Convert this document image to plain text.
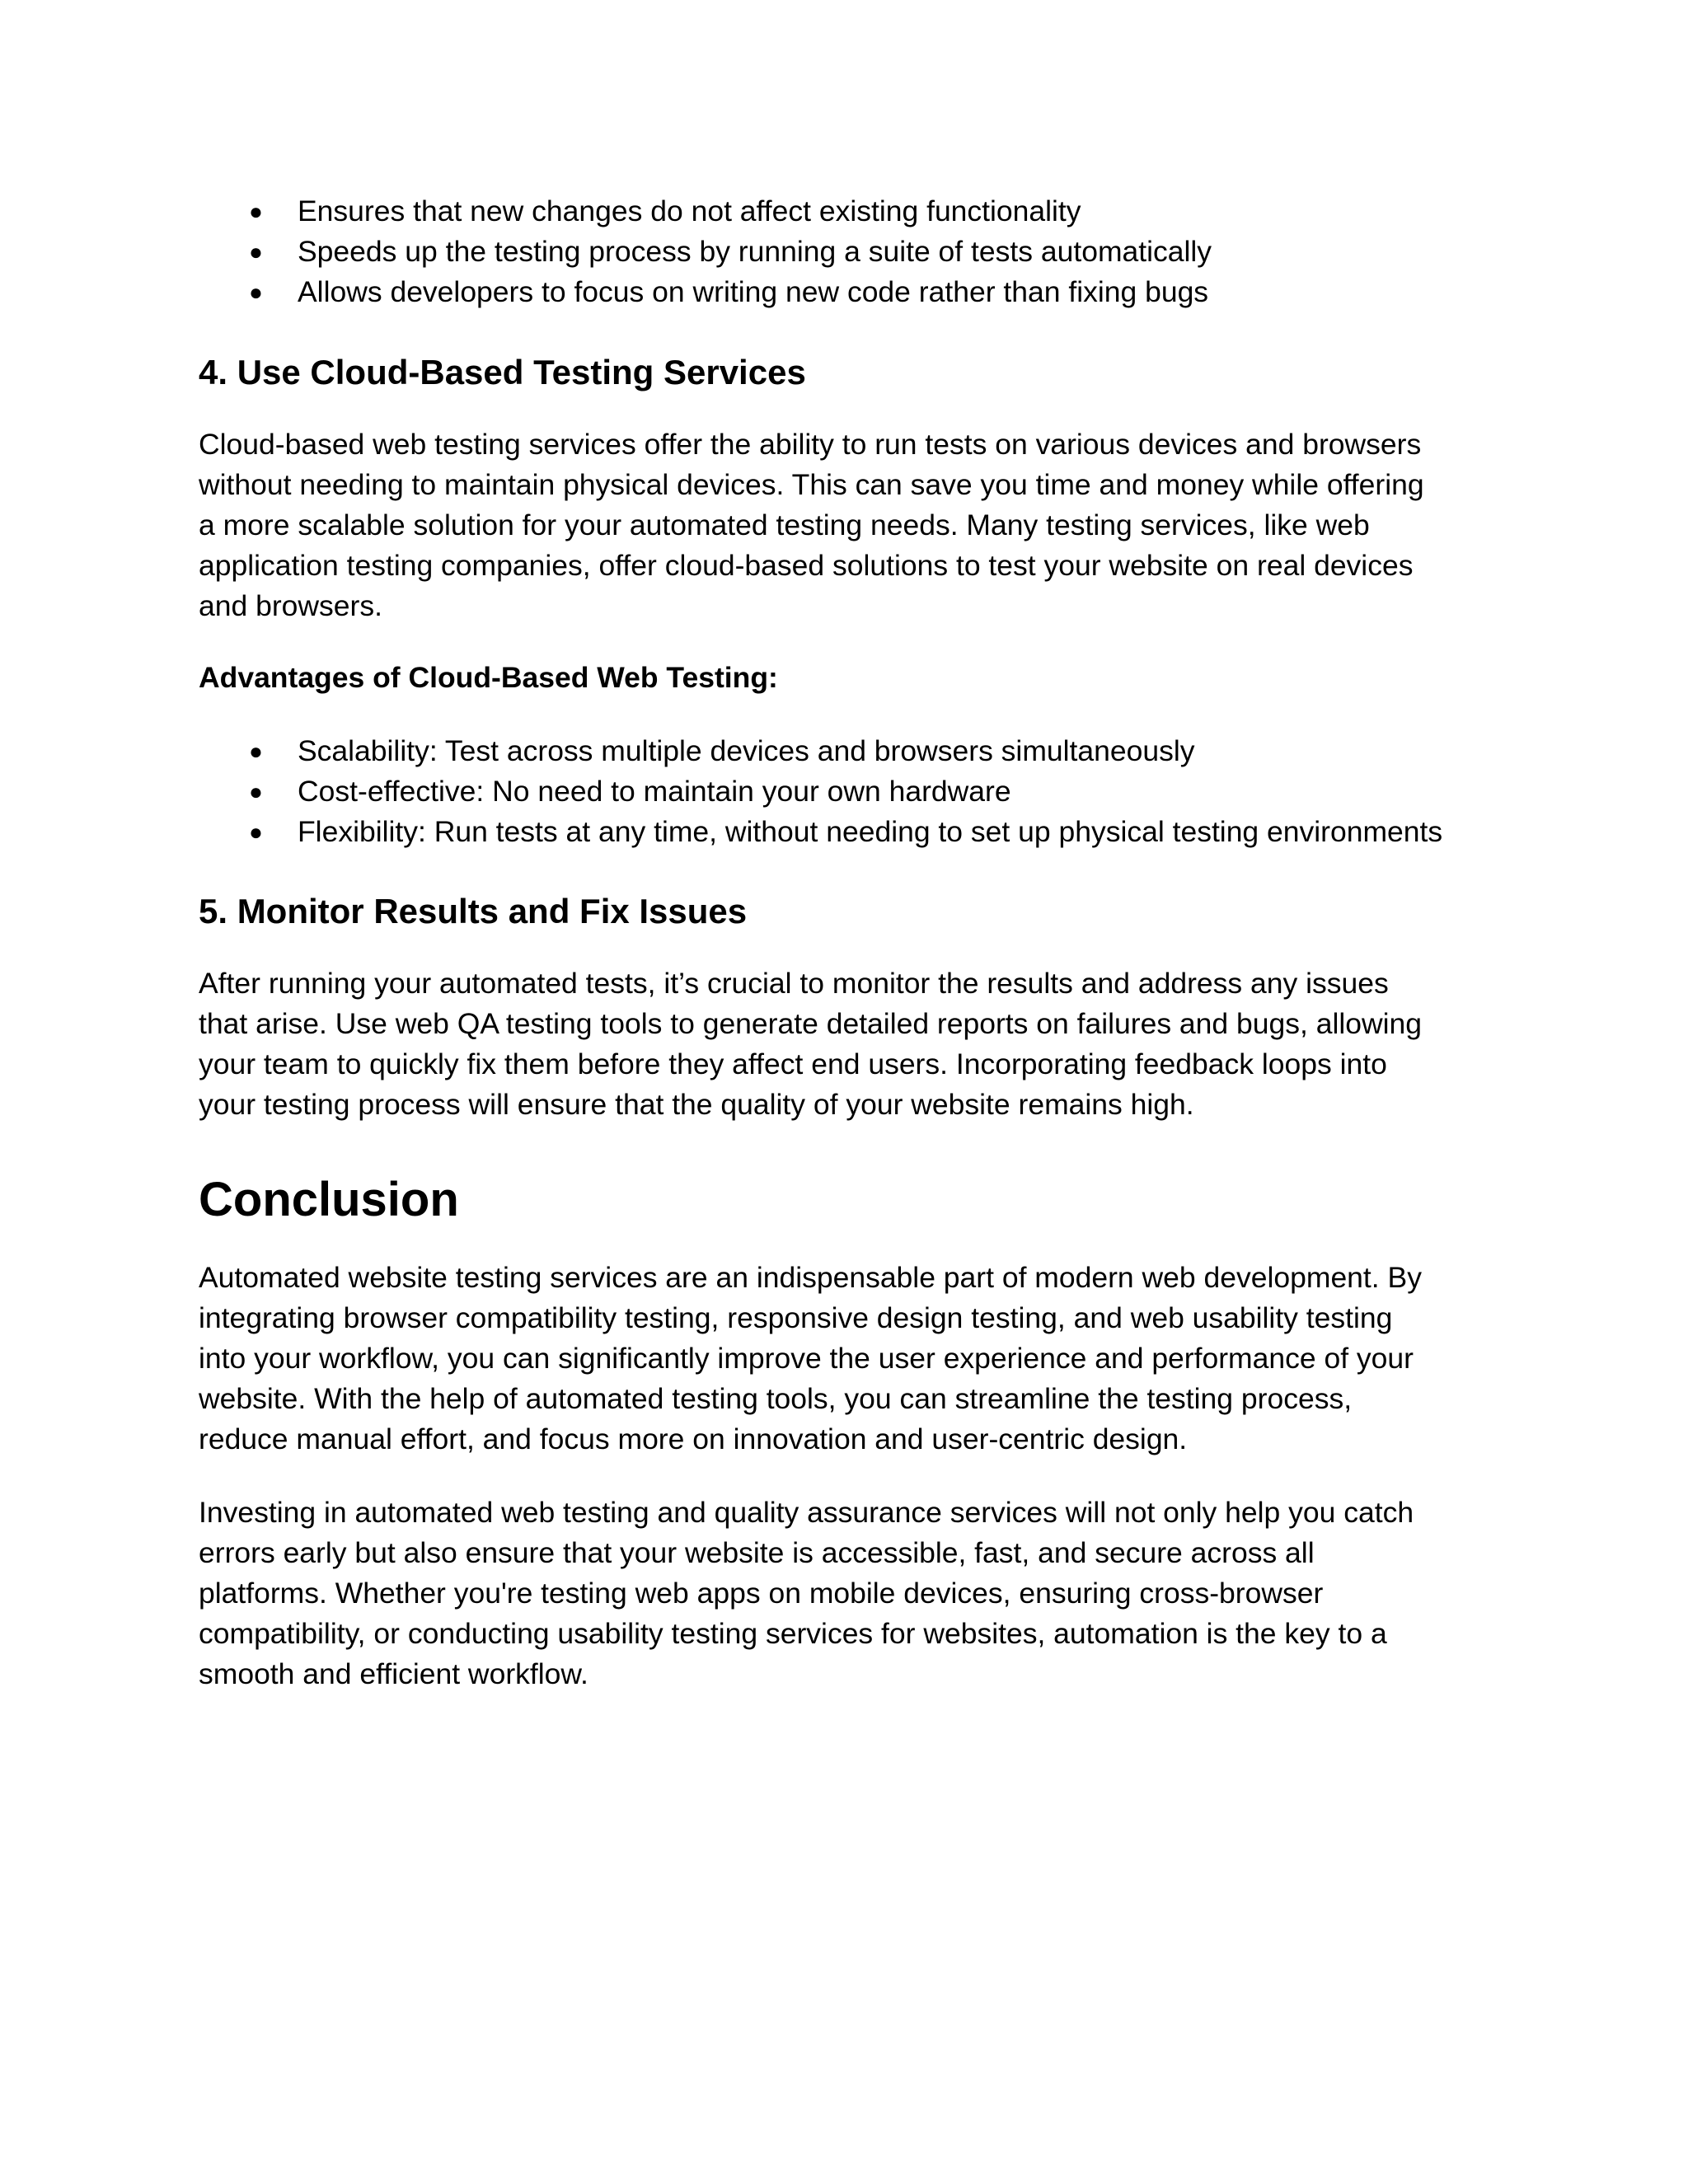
● Ensures that new changes do not affect existing functionality
● Speeds up the testing process by running a suite of tests automatically
● Allows developers to focus on writing new code rather than fixing bugs
4. Use Cloud-Based Testing Services

Cloud-based web testing services offer the ability to run tests on various devices and browsers
without needing to maintain physical devices. This can save you time and money while offering
a more scalable solution for your automated testing needs. Many testing services, like web
application testing companies, offer cloud-based solutions to test your website on real devices
and browsers.

Advantages of Cloud-Based Web Testing:

● Scalability: Test across multiple devices and browsers simultaneously
● Cost-effective: No need to maintain your own hardware
● Flexibility: Run tests at any time, without needing to set up physical testing environments
5. Monitor Results and Fix Issues

After running your automated tests, it’s crucial to monitor the results and address any issues
that arise. Use web QA testing tools to generate detailed reports on failures and bugs, allowing
your team to quickly fix them before they affect end users. Incorporating feedback loops into
your testing process will ensure that the quality of your website remains high.

Conclusion

Automated website testing services are an indispensable part of modern web development. By
integrating browser compatibility testing, responsive design testing, and web usability testing
into your workflow, you can significantly improve the user experience and performance of your
website. With the help of automated testing tools, you can streamline the testing process,
reduce manual effort, and focus more on innovation and user-centric design.

Investing in automated web testing and quality assurance services will not only help you catch
errors early but also ensure that your website is accessible, fast, and secure across all
platforms. Whether you're testing web apps on mobile devices, ensuring cross-browser
compatibility, or conducting usability testing services for websites, automation is the key to a
smooth and efficient workflow.
